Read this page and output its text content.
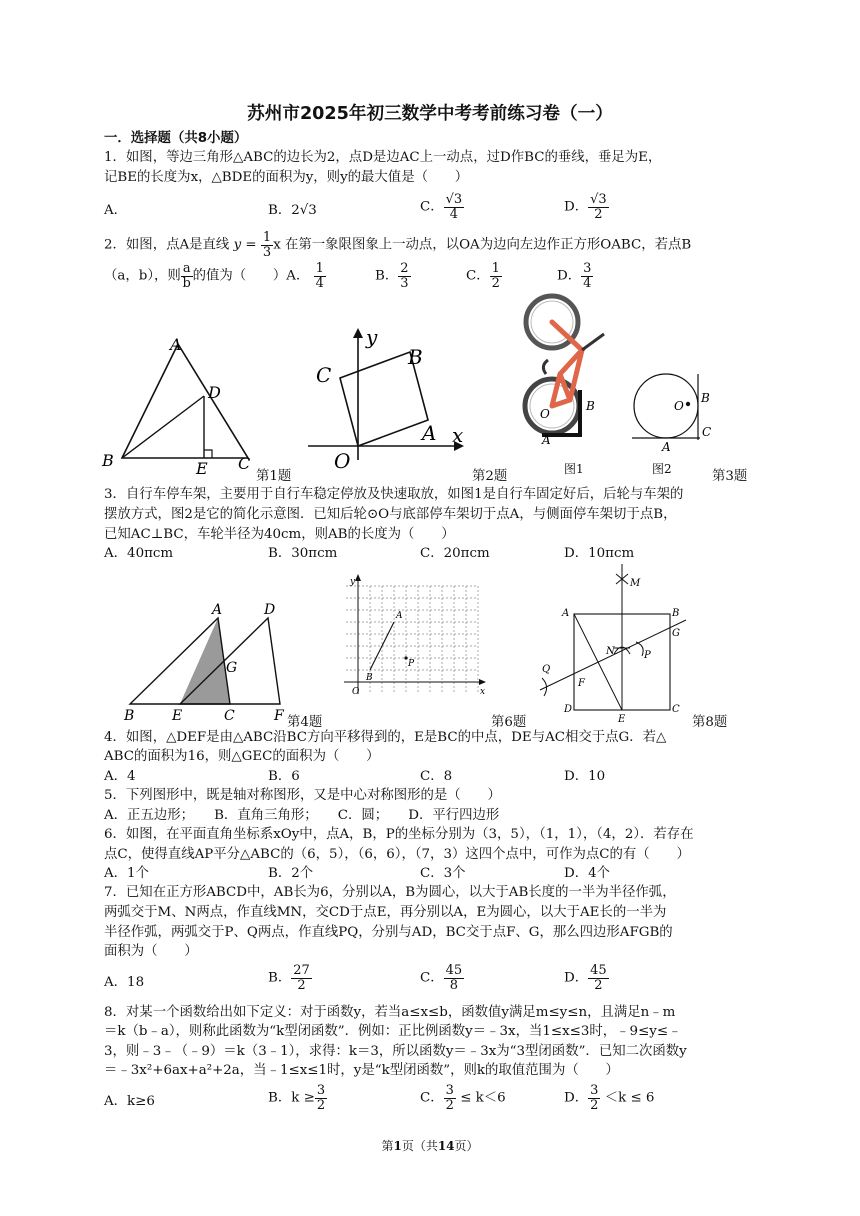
苏州市2025年初三数学中考考前练习卷（一）
一．选择题（共8小题）
1．如图，等边三角形△ABC的边长为2，点D是边AC上一动点，过D作BC的垂线，垂足为E，
记BE的长度为x，△BDE的面积为y，则y的最大值是（　　）
A．	B．2√3	C． $\frac{√3}{4}$	D． $\frac{√3}{2}$
2．如图，点A是直线 $y = \frac{1}{3}$ x 在第一象限图象上一动点，以OA为边向左边作正方形OABC，若点B
（a，b），则 $\frac{a}{b}$ 的值为（　　）A． $\frac{1}{4}$	B． $\frac{2}{3}$	C． $\frac{1}{2}$	D． $\frac{3}{4}$
A
B	C
D
E	第1题
y
x
O
A
B
C
第2题
O
B
A
图1
O
B
A
C
图2	第3题
3．自行车停车架，主要用于自行车稳定停放及快速取放，如图1是自行车固定好后，后轮与车架的
摆放方式，图2是它的简化示意图．已知后轮⊙O与底部停车架切于点A，与侧面停车架切于点B，
已知AC⊥BC，车轮半径为40cm，则AB的长度为（　　）
A．40πcm	B．30πcm	C．20πcm	D．10πcm
A	D
G
B	E	C	F 第4题
y
x
O
A
B
P
第6题
M
A	B
G
N	P
Q
F
D
E
C
第8题
4．如图，△DEF是由△ABC沿BC方向平移得到的，E是BC的中点，DE与AC相交于点G．若△
ABC的面积为16，则△GEC的面积为（　　）
A．4	B．6	C．8	D．10
5．下列图形中，既是轴对称图形，又是中心对称图形的是（　　）
A．正五边形；　　B．直角三角形；　　C．圆；　　D．平行四边形
6．如图，在平面直角坐标系xOy中，点A，B，P的坐标分别为（3，5），（1，1），（4，2）．若存在
点C，使得直线AP平分△ABC的（6，5），（6，6），（7，3）这四个点中，可作为点C的有（　　）
A．1个	B．2个	C．3个	D．4个
7．已知在正方形ABCD中，AB长为6，分别以A，B为圆心，以大于AB长度的一半为半径作弧，
两弧交于M、N两点，作直线MN，交CD于点E，再分别以A，E为圆心，以大于AE长的一半为
半径作弧，两弧交于P、Q两点，作直线PQ，分别与AD，BC交于点F、G，那么四边形AFGB的
面积为（　　）
A．18	B． $\frac{27}{2}$	C． $\frac{45}{8}$	D． $\frac{45}{2}$
8．对某一个函数给出如下定义：对于函数y，若当a≤x≤b，函数值y满足m≤y≤n，且满足n﹣m
＝k（b﹣a），则称此函数为“k型闭函数”．例如：正比例函数y＝﹣3x，当1≤x≤3时，﹣9≤y≤﹣
3，则﹣3﹣（﹣9）＝k（3﹣1），求得：k＝3，所以函数y＝﹣3x为“3型闭函数”．已知二次函数y
＝﹣3x²+6ax+a²+2a，当﹣1≤x≤1时，y是“k型闭函数”，则k的取值范围为（　　）
A．k≥6	B．$k \ge \frac{3}{2}$	C． $\frac{3}{2} \le k<6$	D． $\frac{3}{2} <k \le 6$
第1页（共14页）
